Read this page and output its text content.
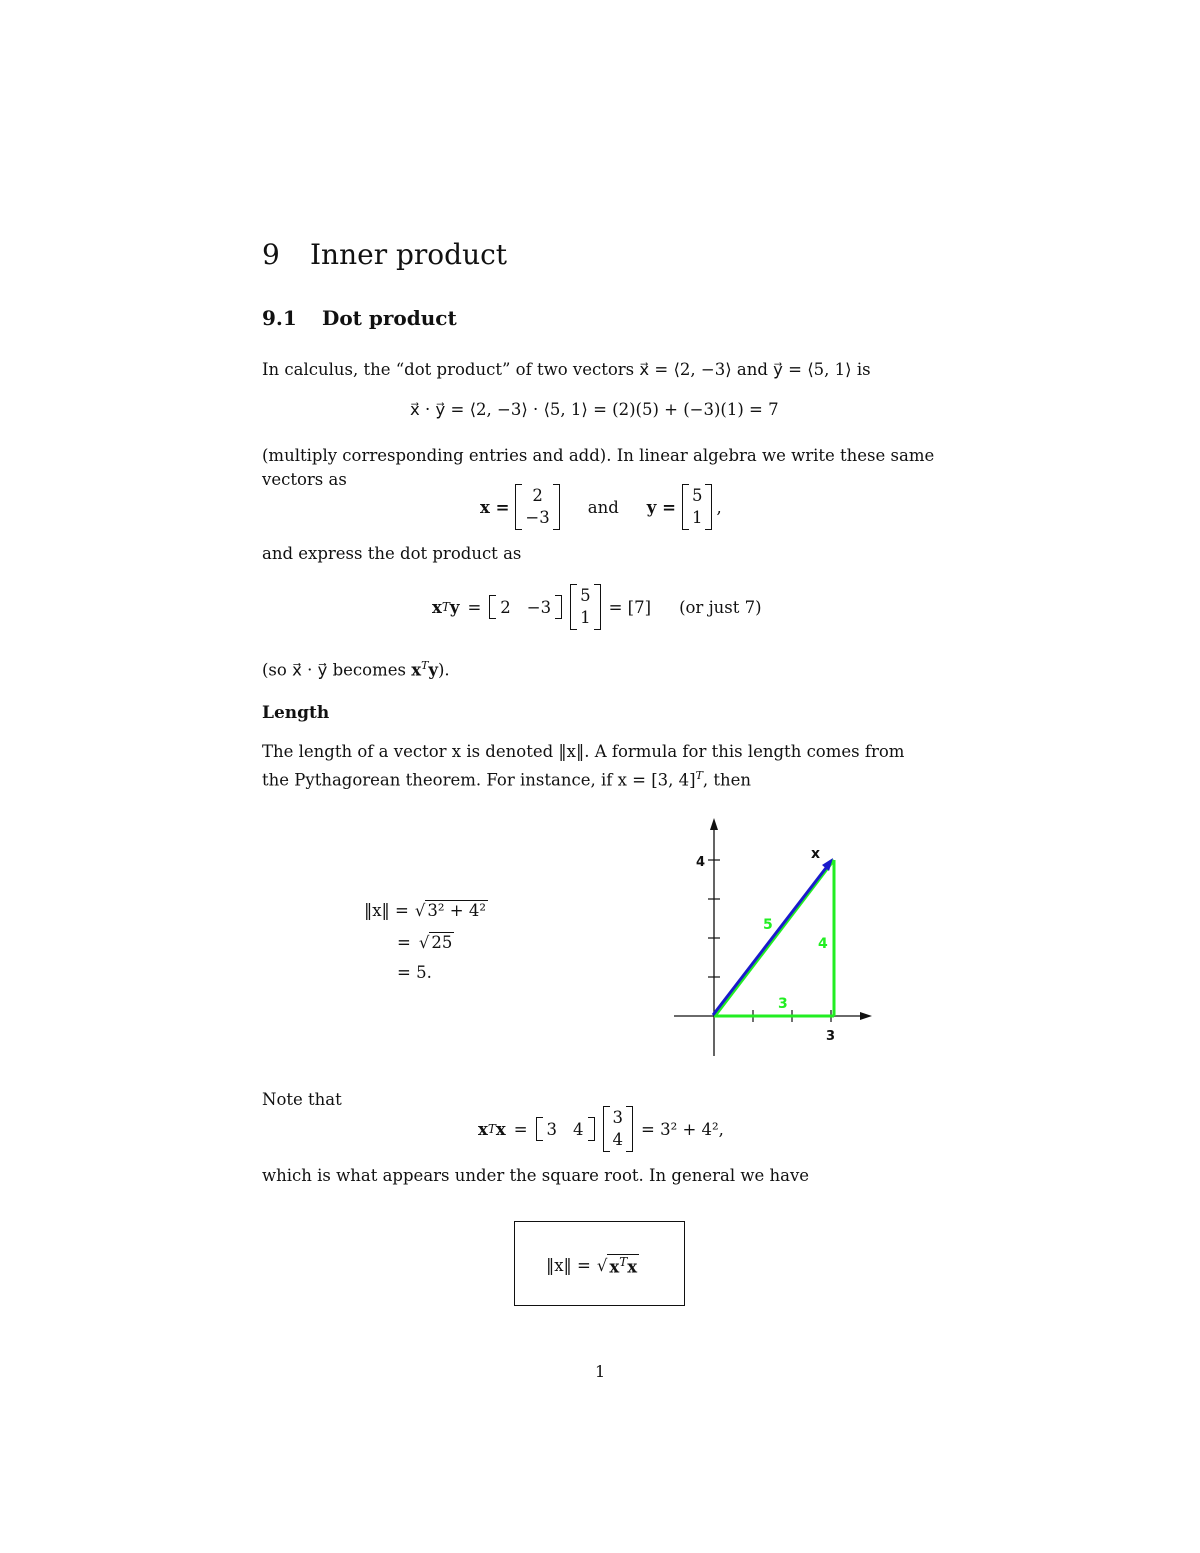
9 Inner product
9.1 Dot product
In calculus, the “dot product” of two vectors x⃗ = ⟨2, −3⟩ and y⃗ = ⟨5, 1⟩ is
x⃗ · y⃗ = ⟨2, −3⟩ · ⟨5, 1⟩ = (2)(5) + (−3)(1) = 7
(multiply corresponding entries and add). In linear algebra we write these same
vectors as
x =
2
−3
and y =
5
1
,
and express the dot product as
x T y = 2 −3
5
1
= [7] (or just 7)
(so x⃗ · y⃗ becomes $x^Ty$).
Length
The length of a vector x is denoted ‖x‖. A formula for this length comes from
the Pythagorean theorem. For instance, if x = [3, 4]$^T$, then
‖x‖ = √ 3² + 4²
= √ 25
= 5.
4
3
x
5
4
3
Note that
x T x = 3 4
3
4
= 3² + 4²,
which is what appears under the square root. In general we have
‖x‖ = √ $x^Tx$
1
